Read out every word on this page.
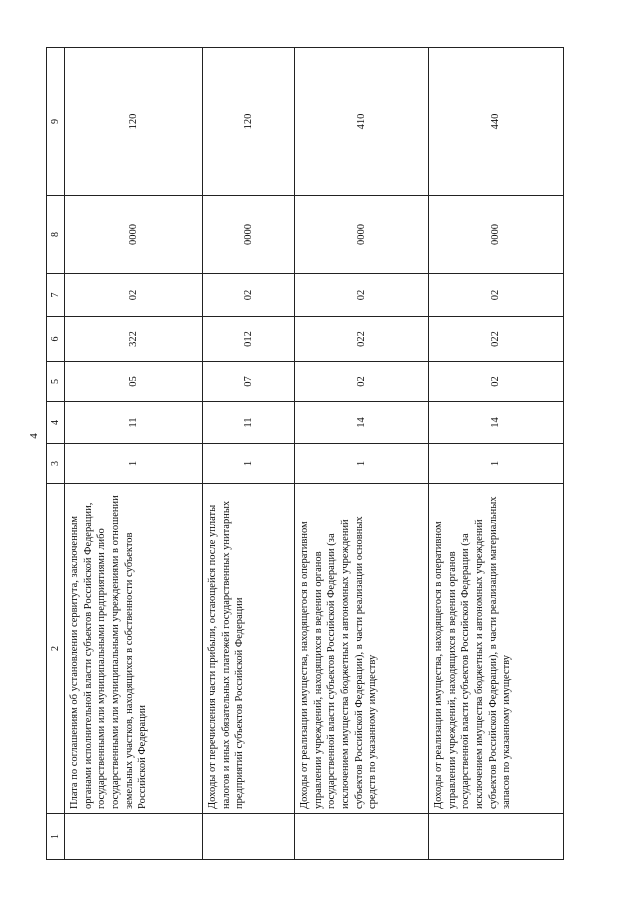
4
1	2	3	4	5	6	7	8	9
	Плата по соглашениям об установлении сервитута, заключенным органами исполнительной власти субъектов Российской Федерации, государственными или муниципальными предприятиями либо государственными или муниципальными учреждениями в отношении земельных участков, находящихся в собственности субъектов Российской Федерации	1	11	05	322	02	0000	120
	Доходы от перечисления части прибыли, остающейся после уплаты налогов и иных обязательных платежей государственных унитарных предприятий субъектов Российской Федерации	1	11	07	012	02	0000	120
	Доходы от реализации имущества, находящегося в оперативном управлении учреждений, находящихся в ведении органов государственной власти субъектов Российской Федерации (за исключением имущества бюджетных и автономных учреждений субъектов Российской Федерации), в части реализации основных средств по указанному имуществу	1	14	02	022	02	0000	410
	Доходы от реализации имущества, находящегося в оперативном управлении учреждений, находящихся в ведении органов государственной власти субъектов Российской Федерации (за исключением имущества бюджетных и автономных учреждений субъектов Российской Федерации), в части реализации материальных запасов по указанному имуществу	1	14	02	022	02	0000	440
